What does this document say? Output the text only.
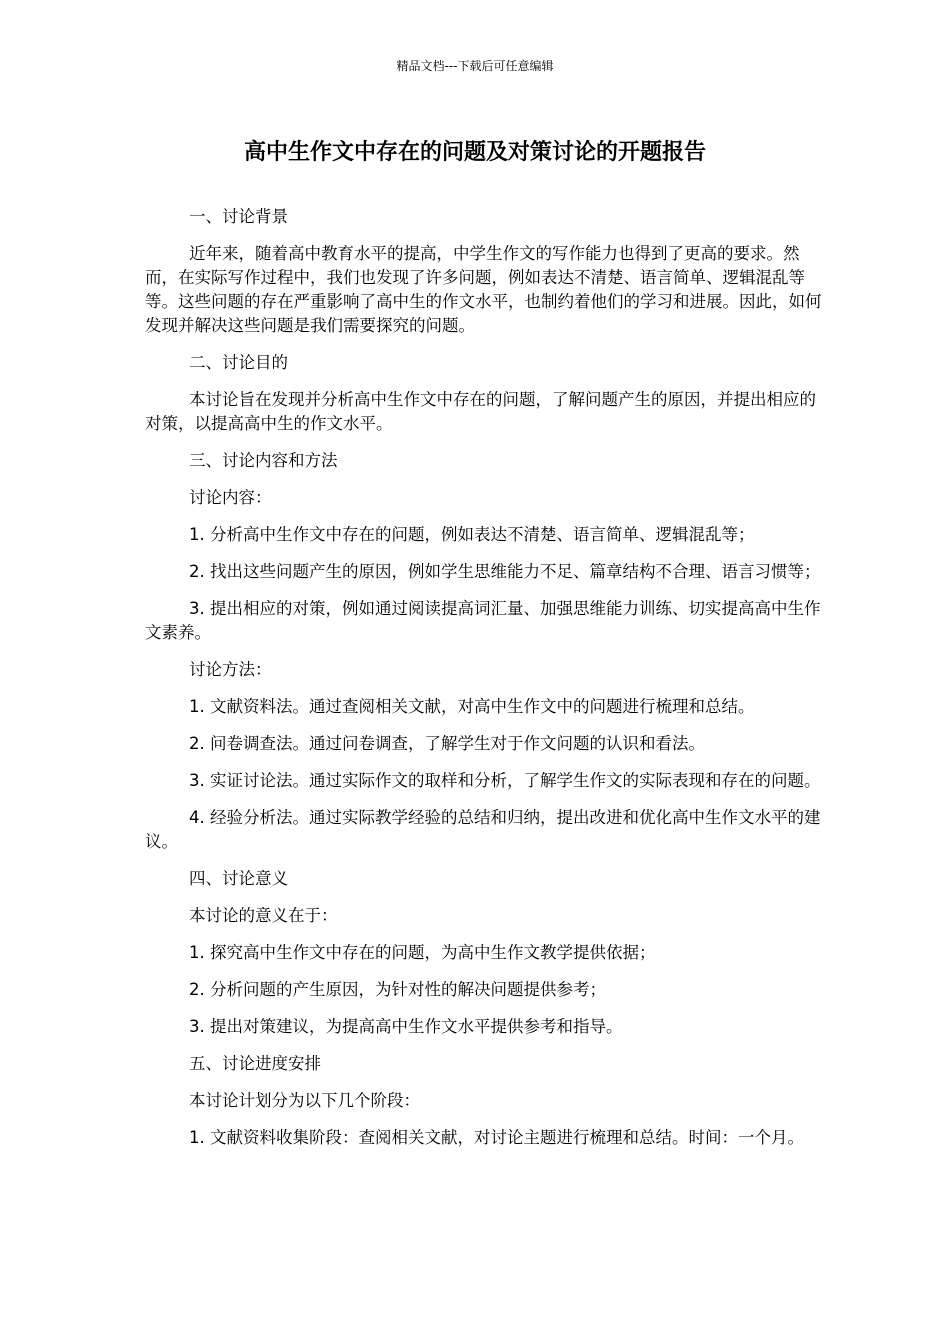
精品文档---下载后可任意编辑
高中生作文中存在的问题及对策讨论的开题报告

一、讨论背景

近年来，随着高中教育水平的提高，中学生作文的写作能力也得到了更高的要求。然而，在实际写作过程中，我们也发现了许多问题，例如表达不清楚、语言简单、逻辑混乱等等。这些问题的存在严重影响了高中生的作文水平，也制约着他们的学习和进展。因此，如何发现并解决这些问题是我们需要探究的问题。

二、讨论目的

本讨论旨在发现并分析高中生作文中存在的问题，了解问题产生的原因，并提出相应的对策，以提高高中生的作文水平。

三、讨论内容和方法

讨论内容：

1. 分析高中生作文中存在的问题，例如表达不清楚、语言简单、逻辑混乱等；

2. 找出这些问题产生的原因，例如学生思维能力不足、篇章结构不合理、语言习惯等；

3. 提出相应的对策，例如通过阅读提高词汇量、加强思维能力训练、切实提高高中生作文素养。

讨论方法：

1. 文献资料法。通过查阅相关文献，对高中生作文中的问题进行梳理和总结。

2. 问卷调查法。通过问卷调查，了解学生对于作文问题的认识和看法。

3. 实证讨论法。通过实际作文的取样和分析，了解学生作文的实际表现和存在的问题。

4. 经验分析法。通过实际教学经验的总结和归纳，提出改进和优化高中生作文水平的建议。

四、讨论意义

本讨论的意义在于：

1. 探究高中生作文中存在的问题，为高中生作文教学提供依据；

2. 分析问题的产生原因，为针对性的解决问题提供参考；

3. 提出对策建议，为提高高中生作文水平提供参考和指导。

五、讨论进度安排

本讨论计划分为以下几个阶段：

1. 文献资料收集阶段：查阅相关文献，对讨论主题进行梳理和总结。时间：一个月。
